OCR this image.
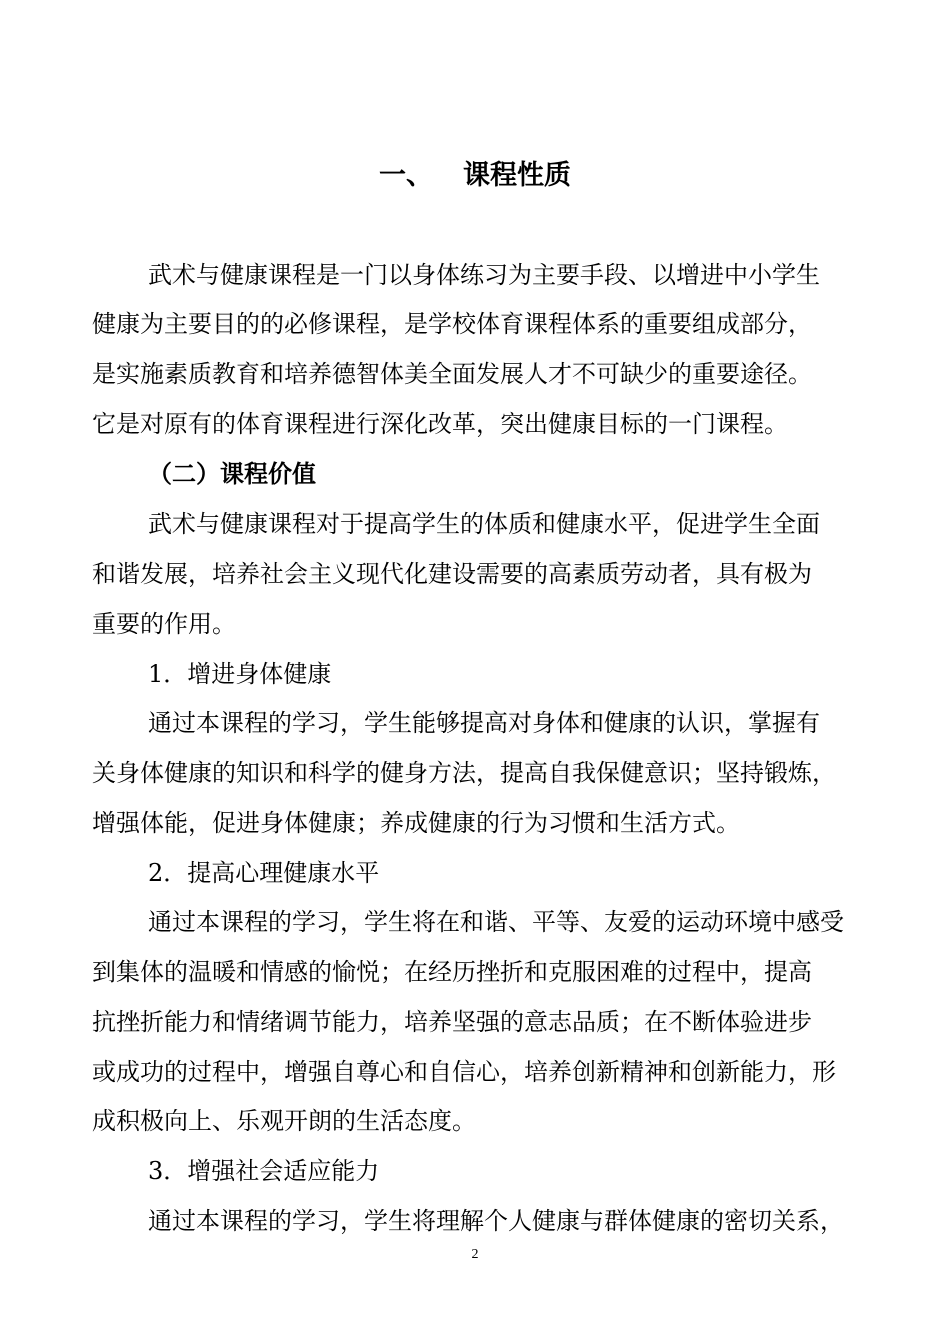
一、 课程性质
武术与健康课程是一门以身体练习为主要手段、以增进中小学生
健康为主要目的的必修课程，是学校体育课程体系的重要组成部分，
是实施素质教育和培养德智体美全面发展人才不可缺少的重要途径。
它是对原有的体育课程进行深化改革，突出健康目标的一门课程。
（二）课程价值
武术与健康课程对于提高学生的体质和健康水平，促进学生全面
和谐发展，培养社会主义现代化建设需要的高素质劳动者，具有极为
重要的作用。
1．增进身体健康
通过本课程的学习，学生能够提高对身体和健康的认识，掌握有
关身体健康的知识和科学的健身方法，提高自我保健意识；坚持锻炼，
增强体能，促进身体健康；养成健康的行为习惯和生活方式。
2．提高心理健康水平
通过本课程的学习，学生将在和谐、平等、友爱的运动环境中感受
到集体的温暖和情感的愉悦；在经历挫折和克服困难的过程中，提高
抗挫折能力和情绪调节能力，培养坚强的意志品质；在不断体验进步
或成功的过程中，增强自尊心和自信心，培养创新精神和创新能力，形
成积极向上、乐观开朗的生活态度。
3．增强社会适应能力
通过本课程的学习，学生将理解个人健康与群体健康的密切关系，
2
